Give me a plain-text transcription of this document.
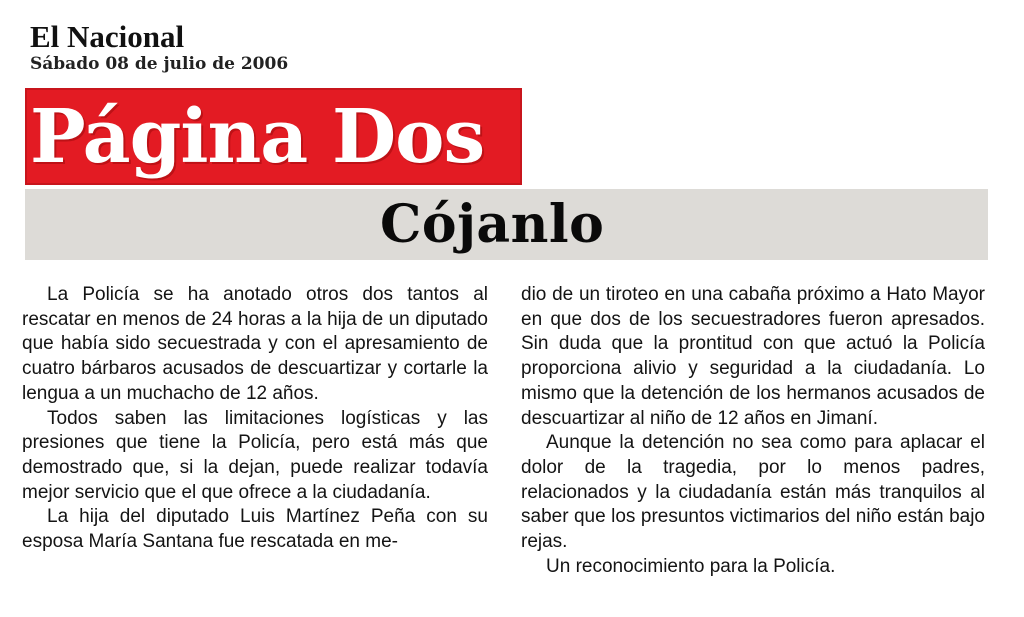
El Nacional
Sábado 08 de julio de 2006
Página Dos
Cójanlo

La Policía se ha anotado otros dos tantos al rescatar en menos de 24 horas a la hija de un diputado que había sido secuestrada y con el apresamiento de cuatro bárbaros acusados de descuartizar y cortarle la lengua a un muchacho de 12 años.

Todos saben las limitaciones logísticas y las presiones que tiene la Policía, pero está más que demostrado que, si la dejan, puede realizar todavía mejor servicio que el que ofrece a la ciudadanía.

La hija del diputado Luis Martínez Peña con su esposa María Santana fue rescatada en me-

dio de un tiroteo en una cabaña próximo a Hato Mayor en que dos de los secuestradores fueron apresados. Sin duda que la prontitud con que actuó la Policía proporciona alivio y seguridad a la ciudadanía. Lo mismo que la detención de los hermanos acusados de descuartizar al niño de 12 años en Jimaní.

Aunque la detención no sea como para aplacar el dolor de la tragedia, por lo menos padres, relacionados y la ciudadanía están más tranquilos al saber que los presuntos victimarios del niño están bajo rejas.

Un reconocimiento para la Policía.
